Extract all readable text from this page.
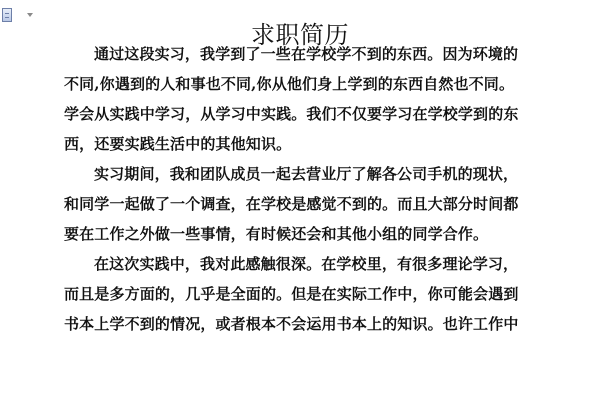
求职简历
通过这段实习，我学到了一些在学校学不到的东西。因为环境的
不同,你遇到的人和事也不同,你从他们身上学到的东西自然也不同。
学会从实践中学习，从学习中实践。我们不仅要学习在学校学到的东
西，还要实践生活中的其他知识。
实习期间，我和团队成员一起去营业厅了解各公司手机的现状，
和同学一起做了一个调查，在学校是感觉不到的。而且大部分时间都
要在工作之外做一些事情，有时候还会和其他小组的同学合作。
在这次实践中，我对此感触很深。在学校里，有很多理论学习，
而且是多方面的，几乎是全面的。但是在实际工作中，你可能会遇到
书本上学不到的情况，或者根本不会运用书本上的知识。也许工作中
